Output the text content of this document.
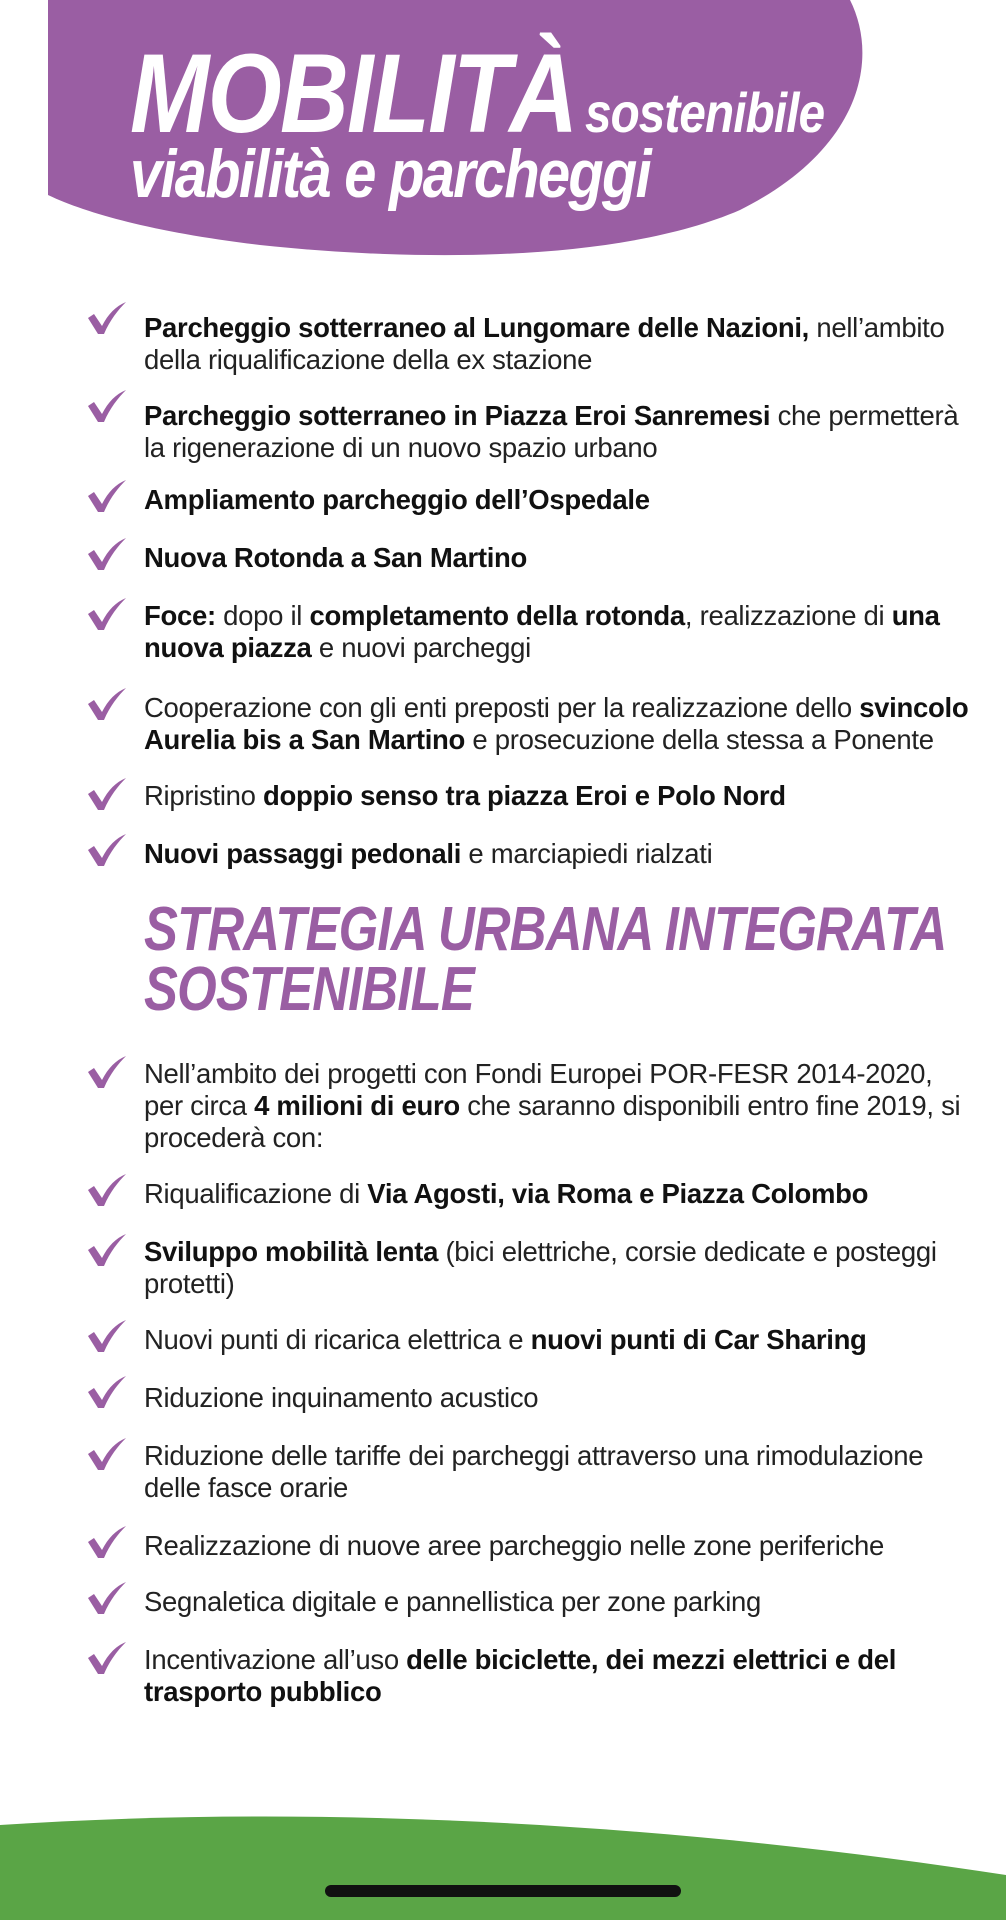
MOBILITÀ sostenibile
viabilità e parcheggi
Parcheggio sotterraneo al Lungomare delle Nazioni, nell’ambito della riqualificazione della ex stazione
Parcheggio sotterraneo in Piazza Eroi Sanremesi che permetterà la rigenerazione di un nuovo spazio urbano
Ampliamento parcheggio dell’Ospedale
Nuova Rotonda a San Martino
Foce: dopo il completamento della rotonda, realizzazione di una nuova piazza e nuovi parcheggi
Cooperazione con gli enti preposti per la realizzazione dello svincolo Aurelia bis a San Martino e prosecuzione della stessa a Ponente
Ripristino doppio senso tra piazza Eroi e Polo Nord
Nuovi passaggi pedonali e marciapiedi rialzati
STRATEGIA URBANA INTEGRATA
SOSTENIBILE
Nell’ambito dei progetti con Fondi Europei POR-FESR 2014-2020, per circa 4 milioni di euro che saranno disponibili entro fine 2019, si procederà con:
Riqualificazione di Via Agosti, via Roma e Piazza Colombo
Sviluppo mobilità lenta (bici elettriche, corsie dedicate e posteggi protetti)
Nuovi punti di ricarica elettrica e nuovi punti di Car Sharing
Riduzione inquinamento acustico
Riduzione delle tariffe dei parcheggi attraverso una rimodulazione delle fasce orarie
Realizzazione di nuove aree parcheggio nelle zone periferiche
Segnaletica digitale e pannellistica per zone parking
Incentivazione all’uso delle biciclette, dei mezzi elettrici e del trasporto pubblico
